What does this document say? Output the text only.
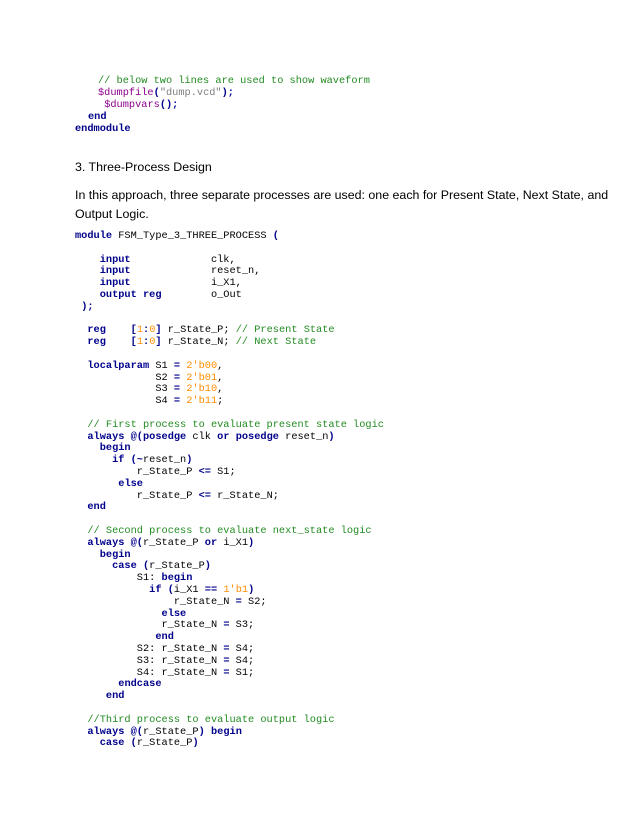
// below two lines are used to show waveform
$dumpfile("dump.vcd");
$dumpvars();
end
endmodule
3. Three-Process Design
In this approach, three separate processes are used: one each for Present State, Next State, and
Output Logic.
module FSM_Type_3_THREE_PROCESS (
input             clk,
input             reset_n,
input             i_X1,
output reg        o_Out
);
reg [1:0] r_State_P; // Present State
reg [1:0] r_State_N; // Next State
localparam S1 = 2'b00,
S2 = 2'b01,
S3 = 2'b10,
S4 = 2'b11;
// First process to evaluate present state logic
always @(posedge clk or posedge reset_n)
begin
if (~reset_n)
r_State_P <= S1;
else
r_State_P <= r_State_N;
end
// Second process to evaluate next_state logic
always @(r_State_P or i_X1)
begin
case (r_State_P)
S1: begin
if (i_X1 == 1'b1)
r_State_N = S2;
else
r_State_N = S3;
end
S2: r_State_N = S4;
S3: r_State_N = S4;
S4: r_State_N = S1;
endcase
end
//Third process to evaluate output logic
always @(r_State_P) begin
case (r_State_P)
